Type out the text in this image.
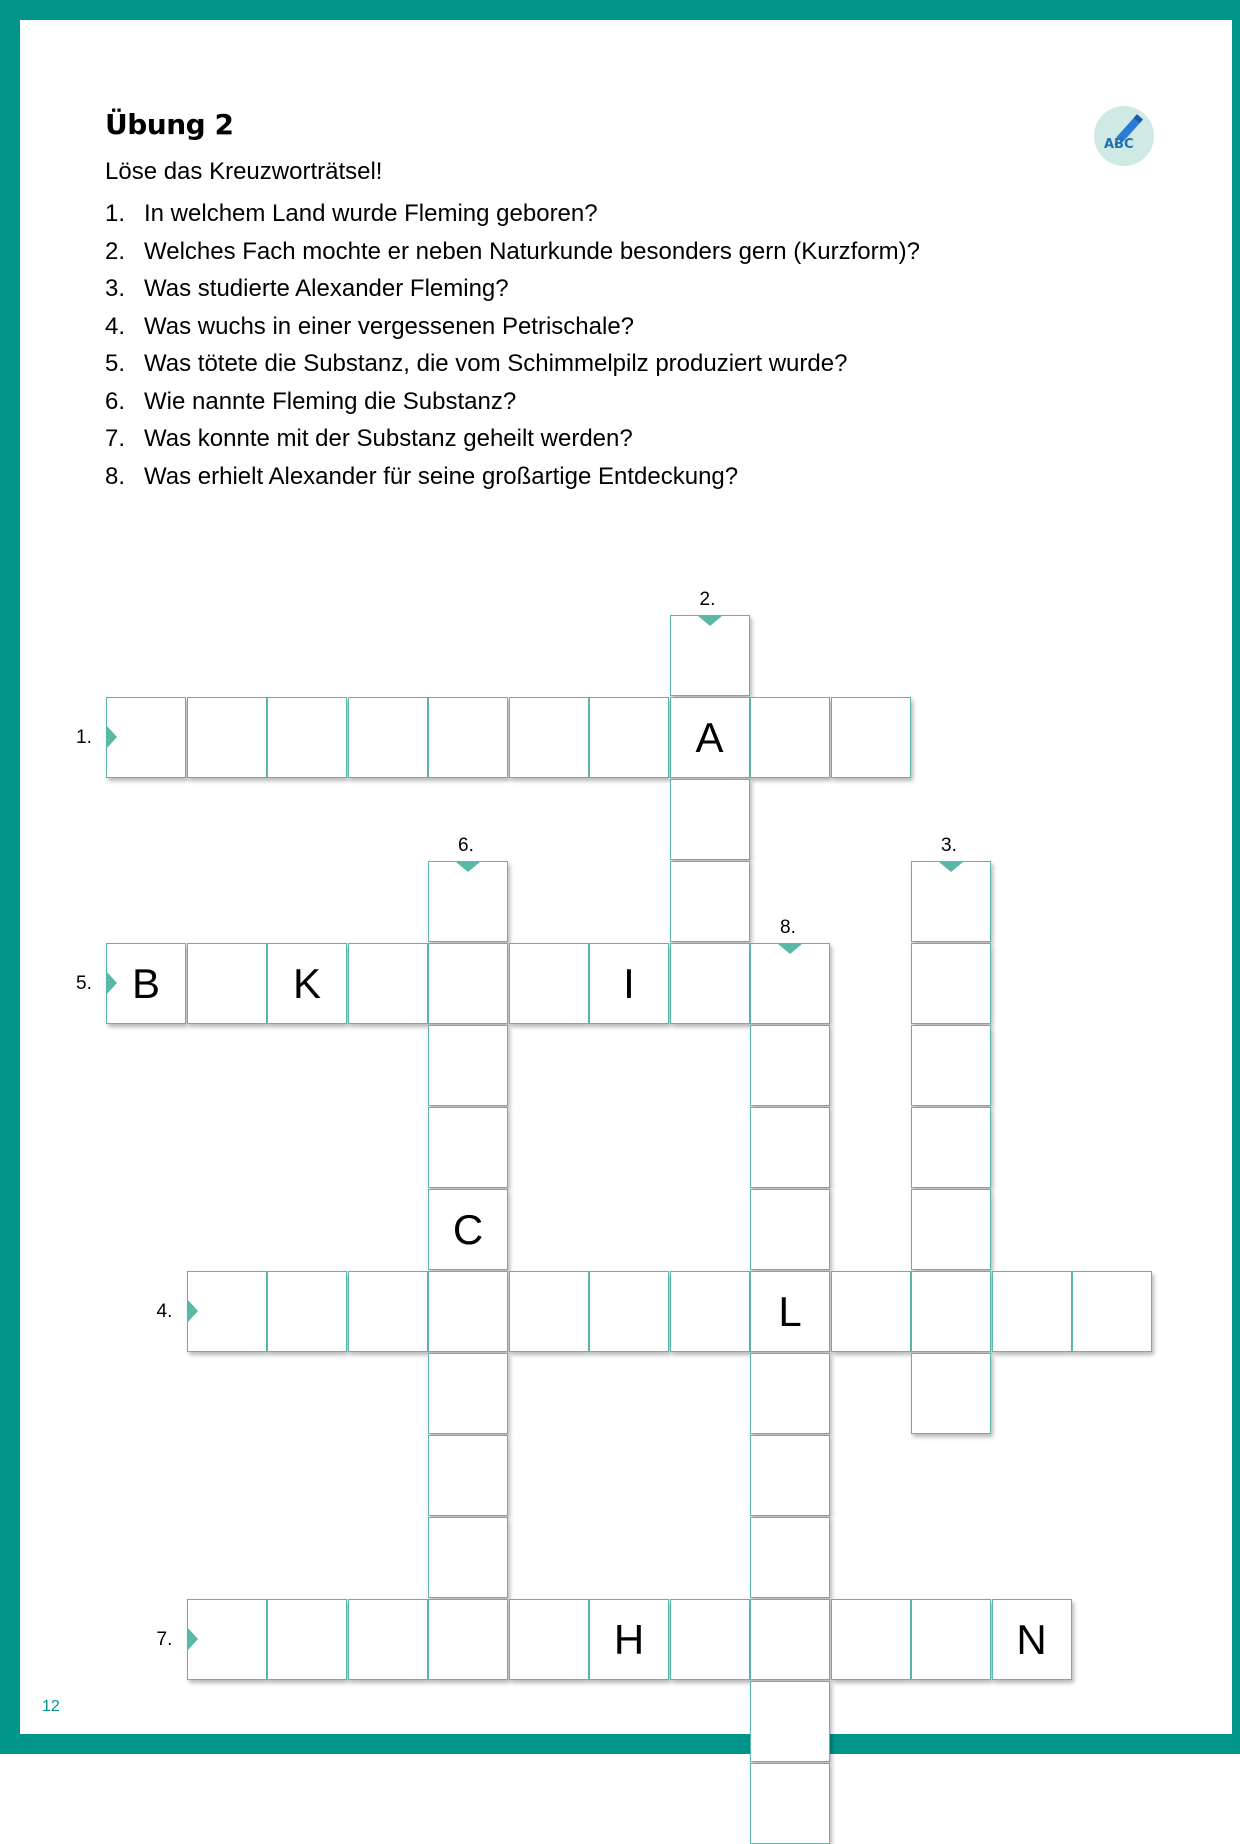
Übung 2
Löse das Kreuzworträtsel!
1. In welchem Land wurde Fleming geboren?
2. Welches Fach mochte er neben Naturkunde besonders gern (Kurzform)?
3. Was studierte Alexander Fleming?
4. Was wuchs in einer vergessenen Petrischale?
5. Was tötete die Substanz, die vom Schimmelpilz produziert wurde?
6. Wie nannte Fleming die Substanz?
7. Was konnte mit der Substanz geheilt werden?
8. Was erhielt Alexander für seine großartige Entdeckung?
ABC
A
B	K	I
C
L
H	N
1.
2.
3.
4.
5.
6.
7.
8.
12
